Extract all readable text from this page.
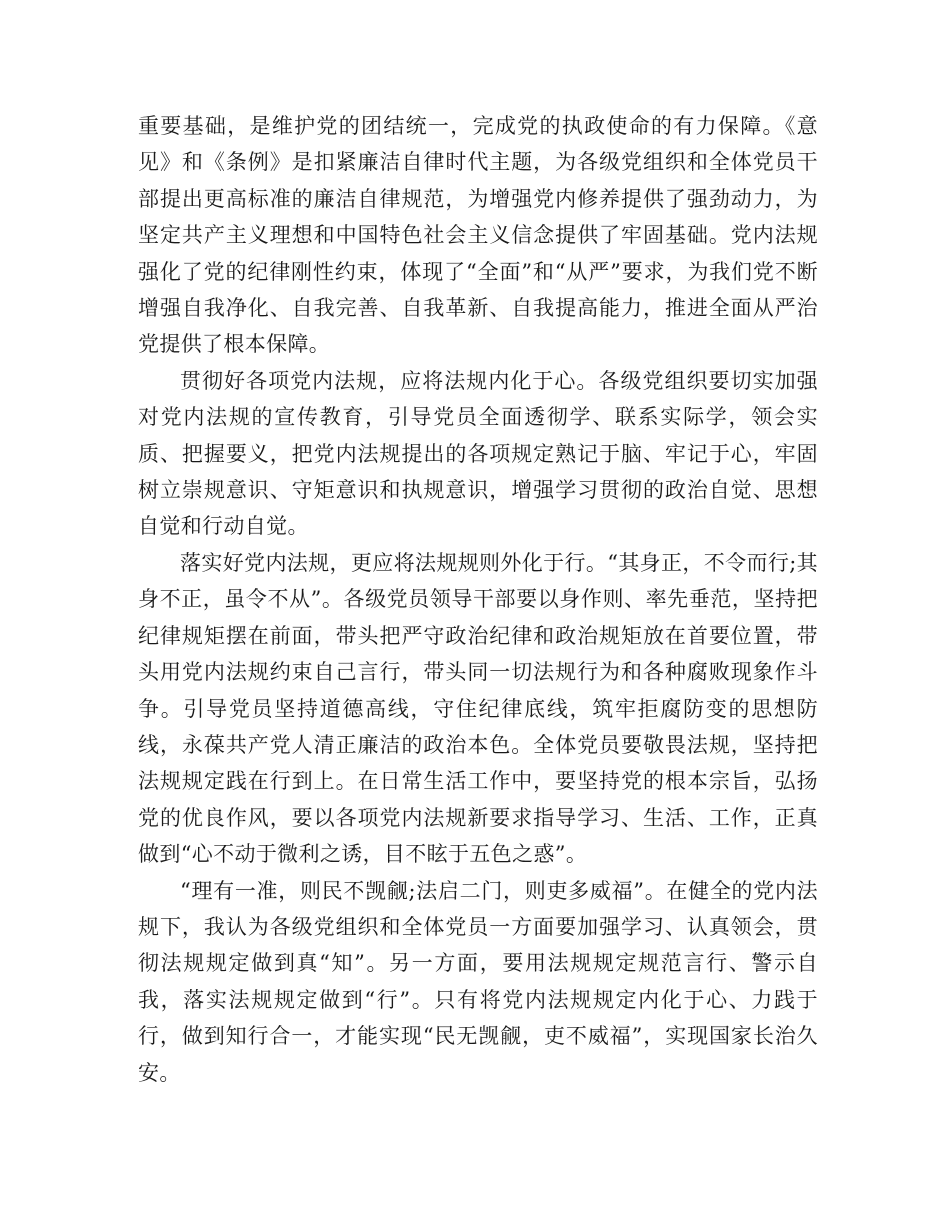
重要基础，是维护党的团结统一，完成党的执政使命的有力保障。《意见》和《条例》是扣紧廉洁自律时代主题，为各级党组织和全体党员干部提出更高标准的廉洁自律规范，为增强党内修养提供了强劲动力，为坚定共产主义理想和中国特色社会主义信念提供了牢固基础。党内法规强化了党的纪律刚性约束，体现了“全面”和“从严”要求，为我们党不断增强自我净化、自我完善、自我革新、自我提高能力，推进全面从严治党提供了根本保障。

贯彻好各项党内法规，应将法规内化于心。各级党组织要切实加强对党内法规的宣传教育，引导党员全面透彻学、联系实际学，领会实质、把握要义，把党内法规提出的各项规定熟记于脑、牢记于心，牢固树立崇规意识、守矩意识和执规意识，增强学习贯彻的政治自觉、思想自觉和行动自觉。

落实好党内法规，更应将法规规则外化于行。“其身正，不令而行;其身不正，虽令不从”。各级党员领导干部要以身作则、率先垂范，坚持把纪律规矩摆在前面，带头把严守政治纪律和政治规矩放在首要位置，带头用党内法规约束自己言行，带头同一切法规行为和各种腐败现象作斗争。引导党员坚持道德高线，守住纪律底线，筑牢拒腐防变的思想防线，永葆共产党人清正廉洁的政治本色。全体党员要敬畏法规，坚持把法规规定践在行到上。在日常生活工作中，要坚持党的根本宗旨，弘扬党的优良作风，要以各项党内法规新要求指导学习、生活、工作，正真做到“心不动于微利之诱，目不眩于五色之惑”。

“理有一准，则民不觊觎;法启二门，则吏多威福”。在健全的党内法规下，我认为各级党组织和全体党员一方面要加强学习、认真领会，贯彻法规规定做到真“知”。另一方面，要用法规规定规范言行、警示自我，落实法规规定做到“行”。只有将党内法规规定内化于心、力践于行，做到知行合一，才能实现“民无觊觎，吏不威福”，实现国家长治久安。
